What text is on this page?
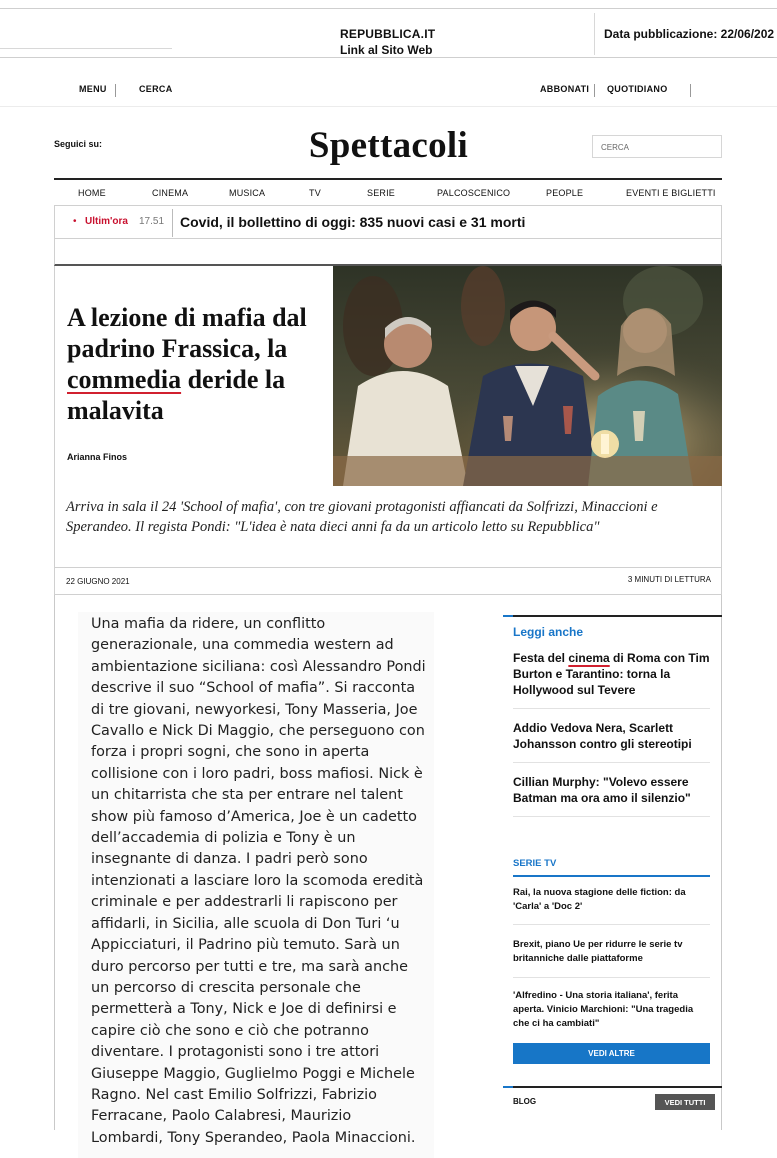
REPUBBLICA.IT
Link al Sito Web
Data pubblicazione: 22/06/202
MENU	CERCA	ABBONATI QUOTIDIANO
Seguici su:	Spettacoli	CERCA
HOME	CINEMA	MUSICA	TV	SERIE	PALCOSCENICO	PEOPLE	EVENTI E BIGLIETTI
• Ultim'ora 17.51 Covid, il bollettino di oggi: 835 nuovi casi e 31 morti
A lezione di mafia dal padrino Frassica, la commedia deride la malavita
Arianna Finos

Arriva in sala il 24 'School of mafia', con tre giovani protagonisti affiancati da Solfrizzi, Minaccioni e Sperandeo. Il regista Pondi: "L'idea è nata dieci anni fa da un articolo letto su Repubblica"

22 GIUGNO 2021	3 MINUTI DI LETTURA
Una mafia da ridere, un conflitto generazionale, una commedia western ad ambientazione siciliana: così Alessandro Pondi descrive il suo “School of mafia”. Si racconta di tre giovani, newyorkesi, Tony Masseria, Joe Cavallo e Nick Di Maggio, che perseguono con forza i propri sogni, che sono in aperta collisione con i loro padri, boss mafiosi. Nick è un chitarrista che sta per entrare nel talent show più famoso d’America, Joe è un cadetto dell’accademia di polizia e Tony è un insegnante di danza. I padri però sono intenzionati a lasciare loro la scomoda eredità criminale e per addestrarli li rapiscono per affidarli, in Sicilia, alle scuola di Don Turi ‘u Appicciaturi, il Padrino più temuto. Sarà un duro percorso per tutti e tre, ma sarà anche un percorso di crescita personale che permetterà a Tony, Nick e Joe di definirsi e capire ciò che sono e ciò che potranno diventare. I protagonisti sono i tre attori Giuseppe Maggio, Guglielmo Poggi e Michele Ragno. Nel cast Emilio Solfrizzi, Fabrizio Ferracane, Paolo Calabresi, Maurizio Lombardi, Tony Sperandeo, Paola Minaccioni.
Leggi anche
Festa del cinema di Roma con Tim Burton e Tarantino: torna la Hollywood sul Tevere
Addio Vedova Nera, Scarlett Johansson contro gli stereotipi
Cillian Murphy: "Volevo essere Batman ma ora amo il silenzio"
SERIE TV
Rai, la nuova stagione delle fiction: da 'Carla' a 'Doc 2'
Brexit, piano Ue per ridurre le serie tv britanniche dalle piattaforme
'Alfredino - Una storia italiana', ferita aperta. Vinicio Marchioni: "Una tragedia che ci ha cambiati"
VEDI ALTRE
BLOG	VEDI TUTTI
